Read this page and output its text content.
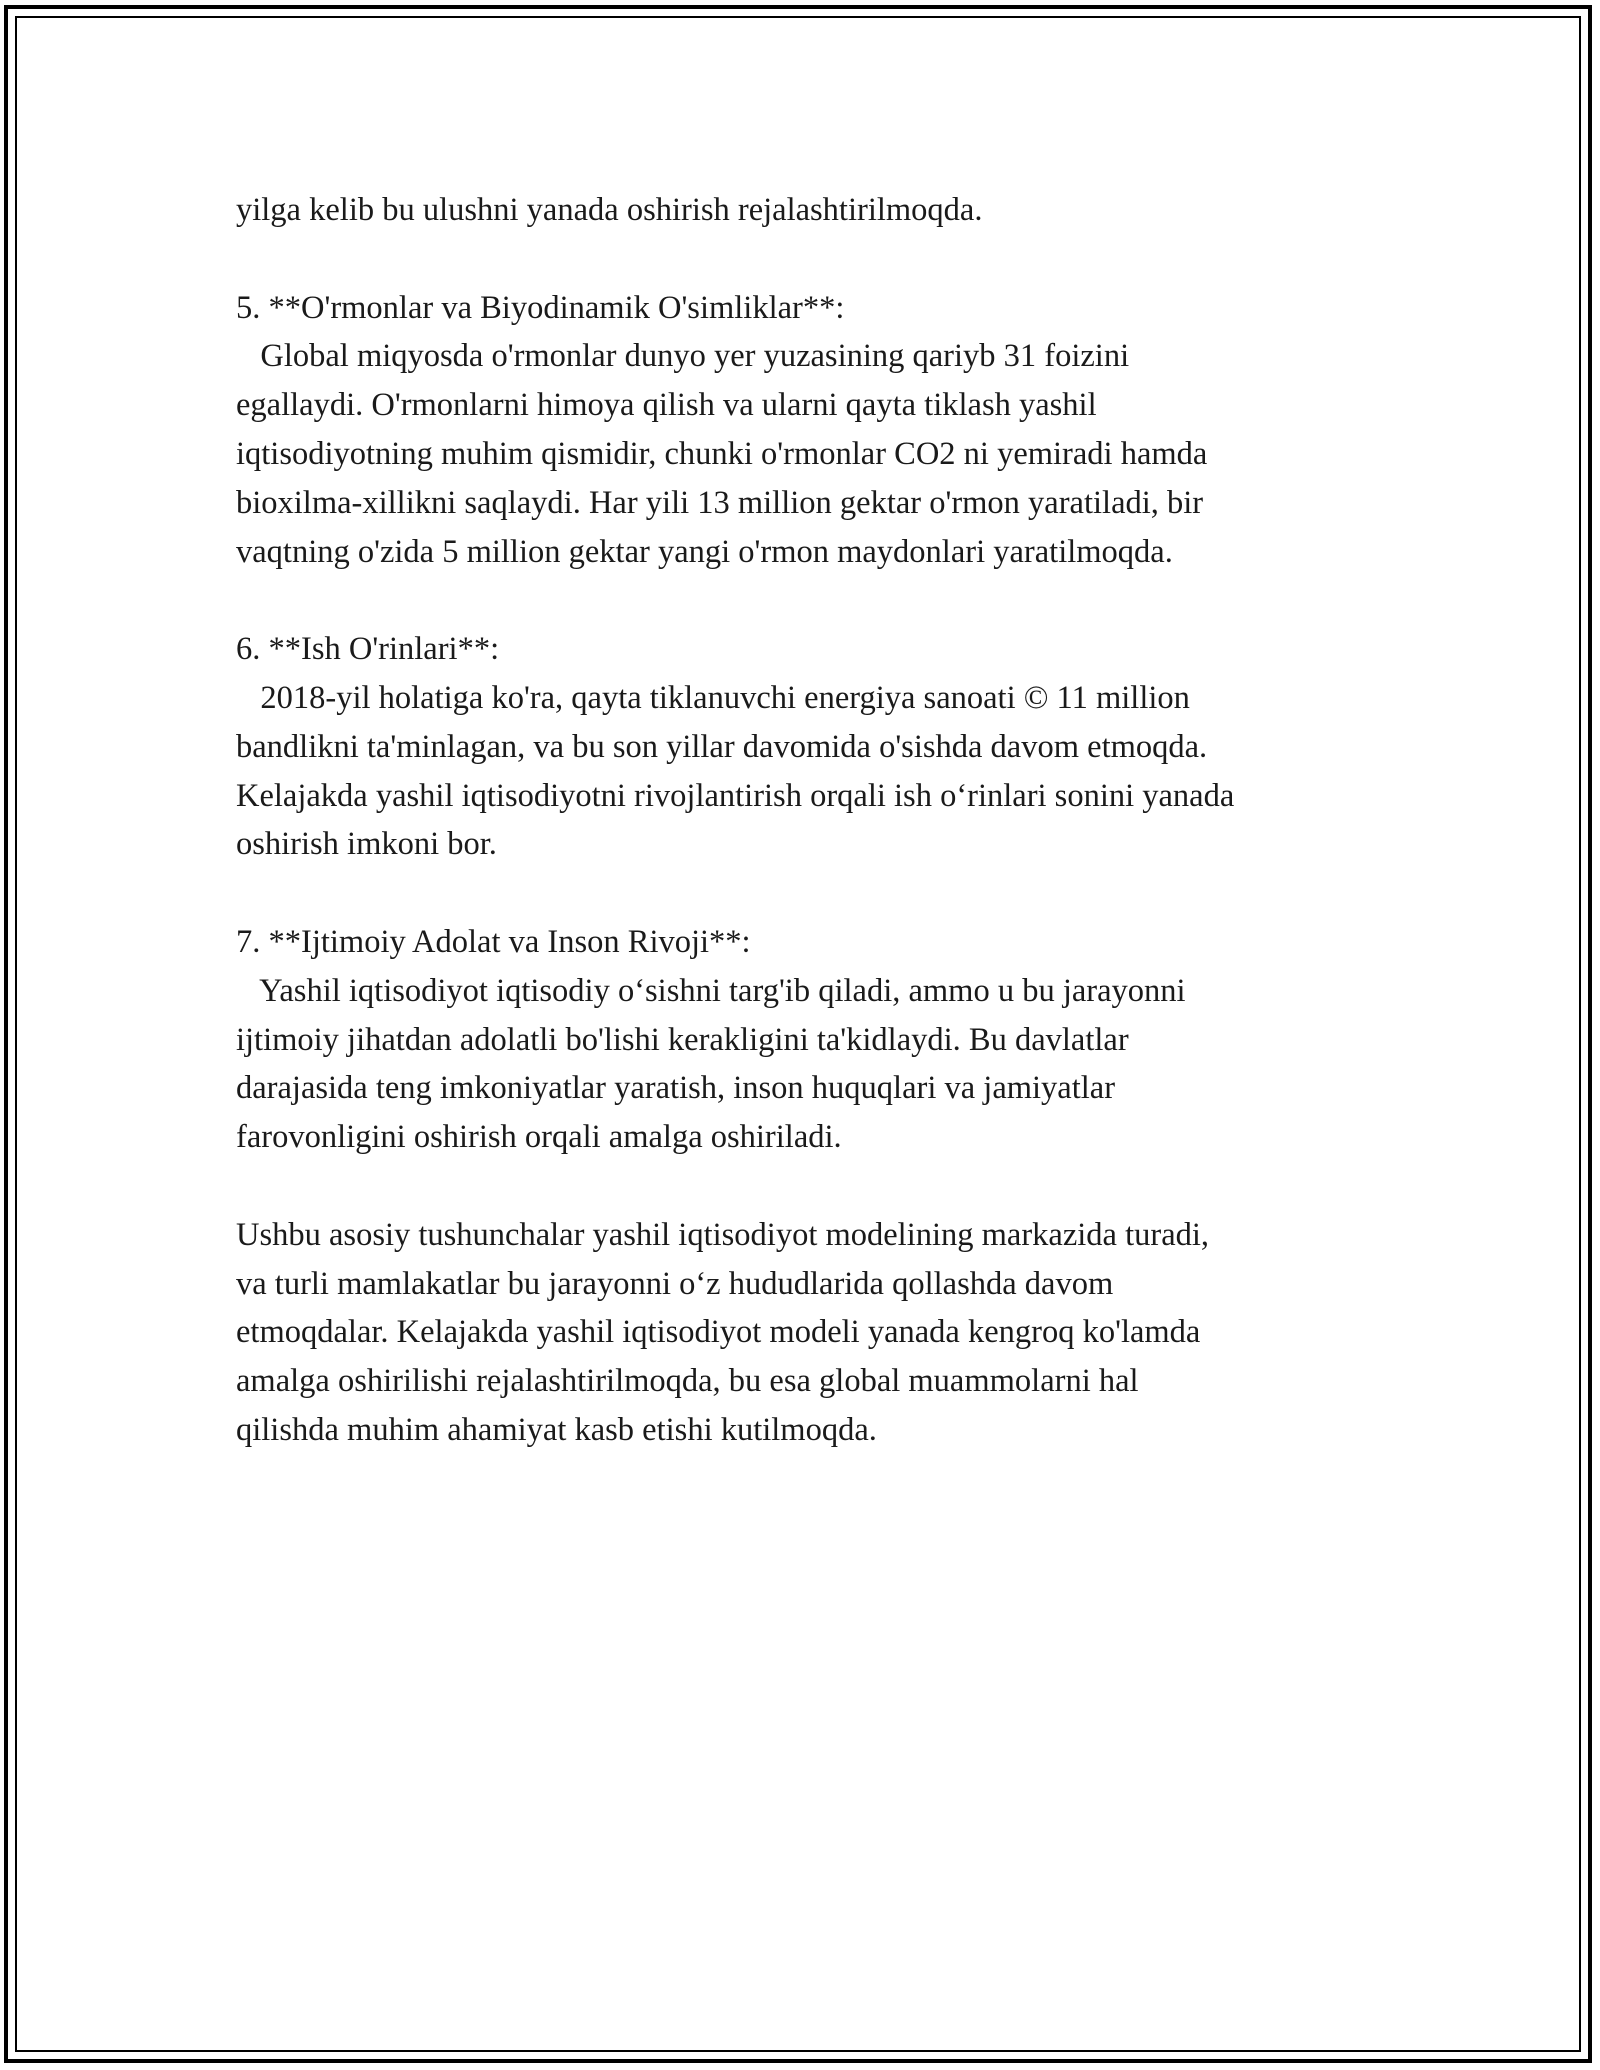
yilga kelib bu ulushni yanada oshirish rejalashtirilmoqda.
5. **O'rmonlar va Biyodinamik O'simliklar**:
Global miqyosda o'rmonlar dunyo yer yuzasining qariyb 31 foizini
egallaydi. O'rmonlarni himoya qilish va ularni qayta tiklash yashil
iqtisodiyotning muhim qismidir, chunki o'rmonlar CO2 ni yemiradi hamda
bioxilma-xillikni saqlaydi. Har yili 13 million gektar o'rmon yaratiladi, bir
vaqtning o'zida 5 million gektar yangi o'rmon maydonlari yaratilmoqda.
6. **Ish O'rinlari**:
2018-yil holatiga ko'ra, qayta tiklanuvchi energiya sanoati © 11 million
bandlikni ta'minlagan, va bu son yillar davomida o'sishda davom etmoqda.
Kelajakda yashil iqtisodiyotni rivojlantirish orqali ish o‘rinlari sonini yanada
oshirish imkoni bor.
7. **Ijtimoiy Adolat va Inson Rivoji**:
Yashil iqtisodiyot iqtisodiy o‘sishni targ'ib qiladi, ammo u bu jarayonni
ijtimoiy jihatdan adolatli bo'lishi kerakligini ta'kidlaydi. Bu davlatlar
darajasida teng imkoniyatlar yaratish, inson huquqlari va jamiyatlar
farovonligini oshirish orqali amalga oshiriladi.
Ushbu asosiy tushunchalar yashil iqtisodiyot modelining markazida turadi,
va turli mamlakatlar bu jarayonni o‘z hududlarida qollashda davom
etmoqdalar. Kelajakda yashil iqtisodiyot modeli yanada kengroq ko'lamda
amalga oshirilishi rejalashtirilmoqda, bu esa global muammolarni hal
qilishda muhim ahamiyat kasb etishi kutilmoqda.
